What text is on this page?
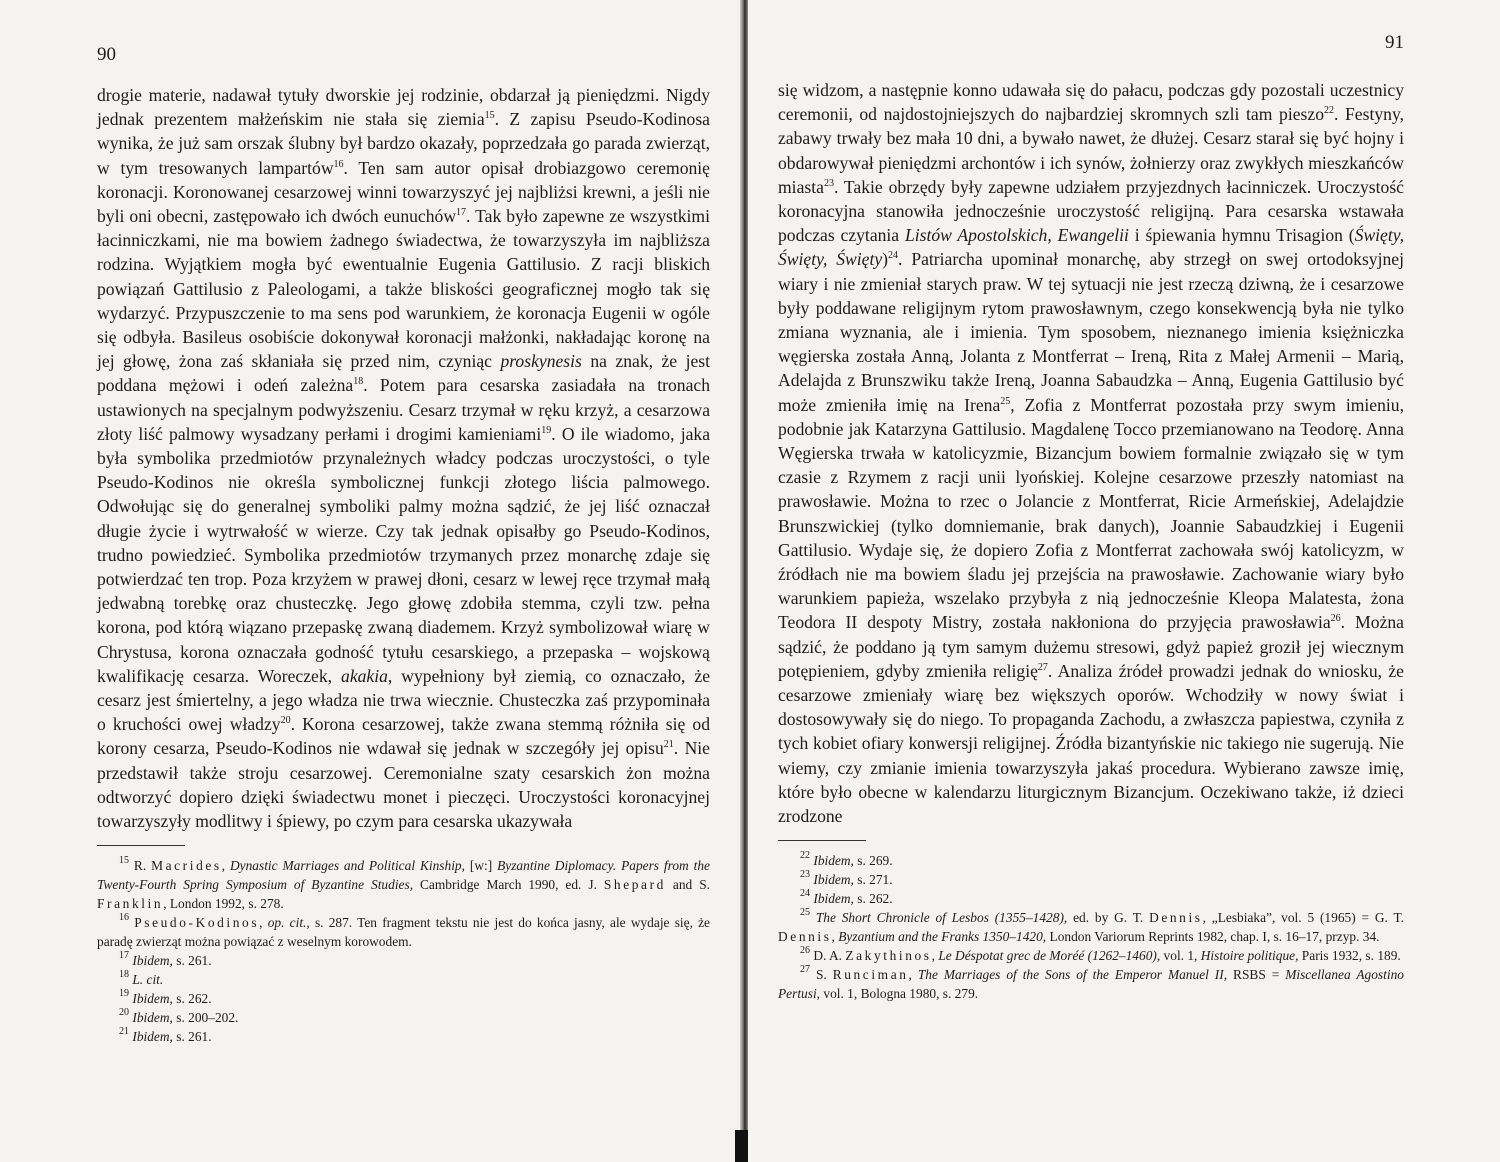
90

drogie materie, nadawał tytuły dworskie jej rodzinie, obdarzał ją pieniędzmi. Nigdy jednak prezentem małżeńskim nie stała się ziemia$^{15}$. Z zapisu Pseudo-Kodinosa wynika, że już sam orszak ślubny był bardzo okazały, poprzedzała go parada zwierząt, w tym tresowanych lampartów$^{16}$. Ten sam autor opisał drobiazgowo ceremonię koronacji. Koronowanej cesarzowej winni towarzyszyć jej najbliżsi krewni, a jeśli nie byli oni obecni, zastępowało ich dwóch eunuchów$^{17}$. Tak było zapewne ze wszystkimi łacinniczkami, nie ma bowiem żadnego świadectwa, że towarzyszyła im najbliższa rodzina. Wyjątkiem mogła być ewentualnie Eugenia Gattilusio. Z racji bliskich powiązań Gattilusio z Paleologami, a także bliskości geograficznej mogło tak się wydarzyć. Przypuszczenie to ma sens pod warunkiem, że koronacja Eugenii w ogóle się odbyła. Basileus osobiście dokonywał koronacji małżonki, nakładając koronę na jej głowę, żona zaś skłaniała się przed nim, czyniąc proskynesis na znak, że jest poddana mężowi i odeń zależna$^{18}$. Potem para cesarska zasiadała na tronach ustawionych na specjalnym podwyższeniu. Cesarz trzymał w ręku krzyż, a cesarzowa złoty liść palmowy wysadzany perłami i drogimi kamieniami$^{19}$. O ile wiadomo, jaka była symbolika przedmiotów przynależnych władcy podczas uroczystości, o tyle Pseudo-Kodinos nie określa symbolicznej funkcji złotego liścia palmowego. Odwołując się do generalnej symboliki palmy można sądzić, że jej liść oznaczał długie życie i wytrwałość w wierze. Czy tak jednak opisałby go Pseudo-Kodinos, trudno powiedzieć. Symbolika przedmiotów trzymanych przez monarchę zdaje się potwierdzać ten trop. Poza krzyżem w prawej dłoni, cesarz w lewej ręce trzymał małą jedwabną torebkę oraz chusteczkę. Jego głowę zdobiła stemma, czyli tzw. pełna korona, pod którą wiązano przepaskę zwaną diademem. Krzyż symbolizował wiarę w Chrystusa, korona oznaczała godność tytułu cesarskiego, a przepaska – wojskową kwalifikację cesarza. Woreczek, akakia, wypełniony był ziemią, co oznaczało, że cesarz jest śmiertelny, a jego władza nie trwa wiecznie. Chusteczka zaś przypominała o kruchości owej władzy$^{20}$. Korona cesarzowej, także zwana stemmą różniła się od korony cesarza, Pseudo-Kodinos nie wdawał się jednak w szczegóły jej opisu$^{21}$. Nie przedstawił także stroju cesarzowej. Ceremonialne szaty cesarskich żon można odtworzyć dopiero dzięki świadectwu monet i pieczęci. Uroczystości koronacyjnej towarzyszyły modlitwy i śpiewy, po czym para cesarska ukazywała

$^{15}$ R. Macrides, Dynastic Marriages and Political Kinship, [w:] Byzantine Diplomacy. Papers from the Twenty-Fourth Spring Symposium of Byzantine Studies, Cambridge March 1990, ed. J. Shepard and S. Franklin, London 1992, s. 278.

$^{16}$ Pseudo-Kodinos, op. cit., s. 287. Ten fragment tekstu nie jest do końca jasny, ale wydaje się, że paradę zwierząt można powiązać z weselnym korowodem.

$^{17}$ Ibidem, s. 261.

$^{18}$ L. cit.

$^{19}$ Ibidem, s. 262.

$^{20}$ Ibidem, s. 200–202.

$^{21}$ Ibidem, s. 261.

91

się widzom, a następnie konno udawała się do pałacu, podczas gdy pozostali uczestnicy ceremonii, od najdostojniejszych do najbardziej skromnych szli tam pieszo$^{22}$. Festyny, zabawy trwały bez mała 10 dni, a bywało nawet, że dłużej. Cesarz starał się być hojny i obdarowywał pieniędzmi archontów i ich synów, żołnierzy oraz zwykłych mieszkańców miasta$^{23}$. Takie obrzędy były zapewne udziałem przyjezdnych łacinniczek. Uroczystość koronacyjna stanowiła jednocześnie uroczystość religijną. Para cesarska wstawała podczas czytania Listów Apostolskich, Ewangelii i śpiewania hymnu Trisagion (Święty, Święty, Święty)$^{24}$. Patriarcha upominał monarchę, aby strzegł on swej ortodoksyjnej wiary i nie zmieniał starych praw. W tej sytuacji nie jest rzeczą dziwną, że i cesarzowe były poddawane religijnym rytom prawosławnym, czego konsekwencją była nie tylko zmiana wyznania, ale i imienia. Tym sposobem, nieznanego imienia księżniczka węgierska została Anną, Jolanta z Montferrat – Ireną, Rita z Małej Armenii – Marią, Adelajda z Brunszwiku także Ireną, Joanna Sabaudzka – Anną, Eugenia Gattilusio być może zmieniła imię na Irena$^{25}$, Zofia z Montferrat pozostała przy swym imieniu, podobnie jak Katarzyna Gattilusio. Magdalenę Tocco przemianowano na Teodorę. Anna Węgierska trwała w katolicyzmie, Bizancjum bowiem formalnie związało się w tym czasie z Rzymem z racji unii lyońskiej. Kolejne cesarzowe przeszły natomiast na prawosławie. Można to rzec o Jolancie z Montferrat, Ricie Armeńskiej, Adelajdzie Brunszwickiej (tylko domniemanie, brak danych), Joannie Sabaudzkiej i Eugenii Gattilusio. Wydaje się, że dopiero Zofia z Montferrat zachowała swój katolicyzm, w źródłach nie ma bowiem śladu jej przejścia na prawosławie. Zachowanie wiary było warunkiem papieża, wszelako przybyła z nią jednocześnie Kleopa Malatesta, żona Teodora II despoty Mistry, została nakłoniona do przyjęcia prawosławia$^{26}$. Można sądzić, że poddano ją tym samym dużemu stresowi, gdyż papież groził jej wiecznym potępieniem, gdyby zmieniła religię$^{27}$. Analiza źródeł prowadzi jednak do wniosku, że cesarzowe zmieniały wiarę bez większych oporów. Wchodziły w nowy świat i dostosowywały się do niego. To propaganda Zachodu, a zwłaszcza papiestwa, czyniła z tych kobiet ofiary konwersji religijnej. Źródła bizantyńskie nic takiego nie sugerują. Nie wiemy, czy zmianie imienia towarzyszyła jakaś procedura. Wybierano zawsze imię, które było obecne w kalendarzu liturgicznym Bizancjum. Oczekiwano także, iż dzieci zrodzone

$^{22}$ Ibidem, s. 269.

$^{23}$ Ibidem, s. 271.

$^{24}$ Ibidem, s. 262.

$^{25}$ The Short Chronicle of Lesbos (1355–1428), ed. by G. T. Dennis, „Lesbiaka”, vol. 5 (1965) = G. T. Dennis, Byzantium and the Franks 1350–1420, London Variorum Reprints 1982, chap. I, s. 16–17, przyp. 34.

$^{26}$ D. A. Zakythinos, Le Déspotat grec de Moréé (1262–1460), vol. 1, Histoire politique, Paris 1932, s. 189.

$^{27}$ S. Runciman, The Marriages of the Sons of the Emperor Manuel II, RSBS = Miscellanea Agostino Pertusi, vol. 1, Bologna 1980, s. 279.
